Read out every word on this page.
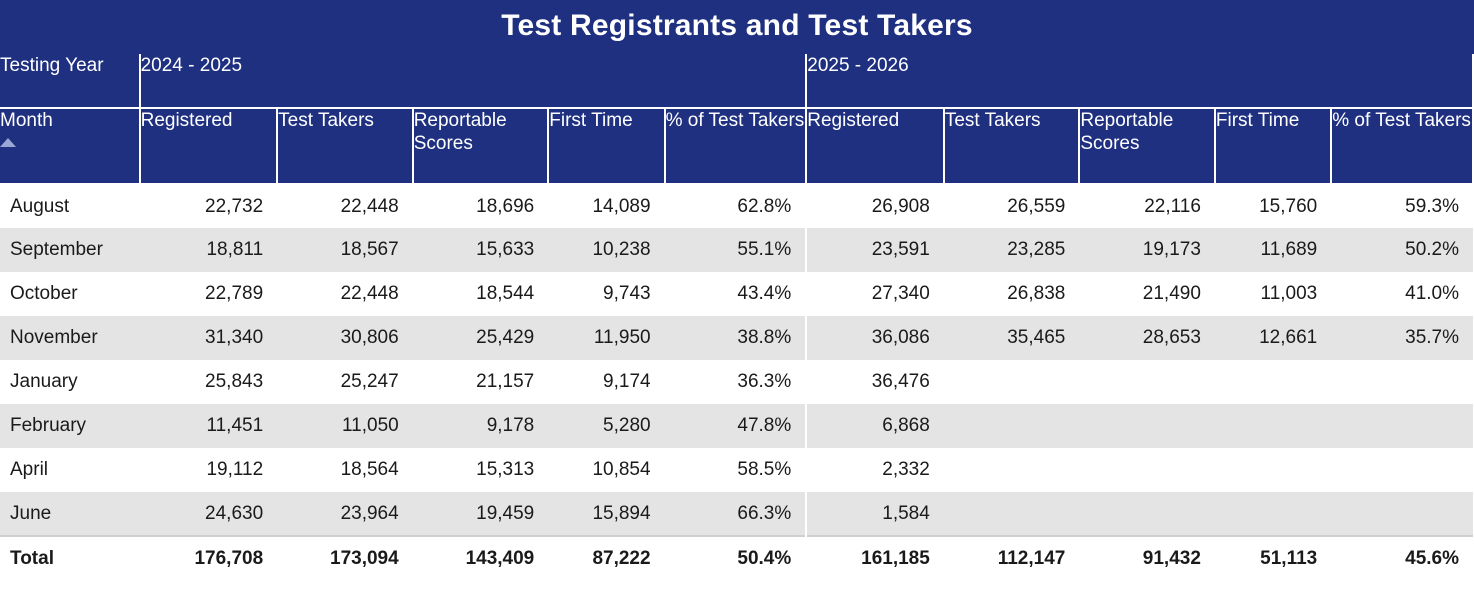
Test Registrants and Test Takers
Testing Year	2024 - 2025					2025 - 2026				
Month	Registered	Test Takers	Reportable Scores	First Time	% of Test Takers	Registered	Test Takers	Reportable Scores	First Time	% of Test Takers
August	22,732	22,448	18,696	14,089	62.8%	26,908	26,559	22,116	15,760	59.3%
September	18,811	18,567	15,633	10,238	55.1%	23,591	23,285	19,173	11,689	50.2%
October	22,789	22,448	18,544	9,743	43.4%	27,340	26,838	21,490	11,003	41.0%
November	31,340	30,806	25,429	11,950	38.8%	36,086	35,465	28,653	12,661	35.7%
January	25,843	25,247	21,157	9,174	36.3%	36,476				
February	11,451	11,050	9,178	5,280	47.8%	6,868				
April	19,112	18,564	15,313	10,854	58.5%	2,332				
June	24,630	23,964	19,459	15,894	66.3%	1,584				
Total	176,708	173,094	143,409	87,222	50.4%	161,185	112,147	91,432	51,113	45.6%
